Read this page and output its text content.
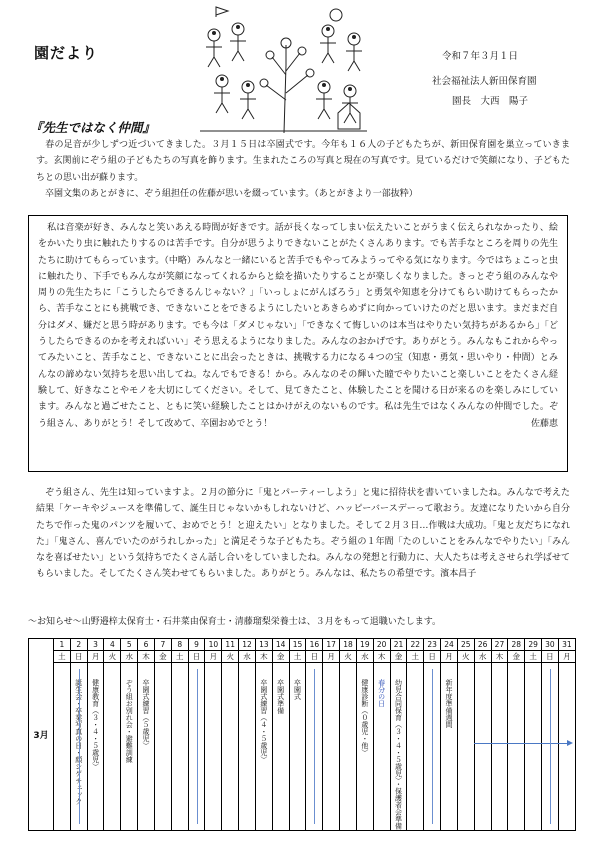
園だより	令和７年３月１日
社会福祉法人新田保育園
園長　大西　陽子
『先生ではなく仲間』
　春の足音が少しずつ近づいてきました。３月１５日は卒園式です。今年も１６人の子どもたちが、新田保育園を巣立っていきます。玄関前にぞう組の子どもたちの写真を飾ります。生まれたころの写真と現在の写真です。見ているだけで笑顔になり、子どもたちとの思い出が蘇ります。
　卒園文集のあとがきに、ぞう組担任の佐藤が思いを綴っています。（あとがきより一部抜粋）
　私は音楽が好き、みんなと笑いあえる時間が好きです。話が長くなってしまい伝えたいことがうまく伝えられなかったり、絵をかいたり虫に触れたりするのは苦手です。自分が思うよりできないことがたくさんあります。でも苦手なところを周りの先生たちに助けてもらっています。（中略）みんなと一緒にいると苦手でもやってみようってやる気になります。今ではちょこっと虫に触れたり、下手でもみんなが笑顔になってくれるからと絵を描いたりすることが楽しくなりました。きっとぞう組のみんなや周りの先生たちに「こうしたらできるんじゃない？」「いっしょにがんばろう」と勇気や知恵を分けてもらい助けてもらったから、苦手なことにも挑戦でき、できないことをできるようにしたいとあきらめずに向かっていけたのだと思います。まだまだ自分はダメ、嫌だと思う時があります。でも今は「ダメじゃない」「できなくて悔しいのは本当はやりたい気持ちがあるから」「どうしたらできるのかを考えればいい」そう思えるようになりました。みんなのおかげです。ありがとう。みんなもこれからやってみたいこと、苦手なこと、できないことに出会ったときは、挑戦する力になる４つの宝（知恵・勇気・思いやり・仲間）とみんなの諦めない気持ちを思い出してね。なんでもできる！から。みんなのその輝いた瞳でやりたいこと楽しいことをたくさん経験して、好きなことやモノを大切にしてください。そして、見てきたこと、体験したことを聞ける日が来るのを楽しみにしています。みんなと過ごせたこと、ともに笑い経験したことはかけがえのないものです。私は先生ではなくみんなの仲間でした。ぞう組さん、ありがとう！そして改めて、卒園おめでとう！	佐藤恵
　ぞう組さん、先生は知っていますよ。２月の節分に「鬼とパーティーしよう」と鬼に招待状を書いていましたね。みんなで考えた結果「ケーキやジュースを準備して、誕生日じゃないかもしれないけど、ハッピーバースデーって歌おう。友達になりたいから自分たちで作った鬼のパンツを履いて、おめでとう！と迎えたい」となりました。そして２月３日…作戦は大成功。「鬼と友だちになれた」「鬼さん、喜んでいたのがうれしかった」と満足そうな子どもたち。ぞう組の１年間「たのしいことをみんなでやりたい」「みんなを喜ばせたい」という気持ちでたくさん話し合いをしていましたね。みんなの発想と行動力に、大人たちは考えさせられ学ばせてもらいました。そしてたくさん笑わせてもらいました。ありがとう。みんなは、私たちの希望です。濱本昌子
～お知らせ～山野邉梓太保育士・石井菜由保育士・清藤瑠梨栄養士は、３月をもって退職いたします。
3月	1	2	3	4	5	6	7	8	9	10	11	12	13	14	15	16	17	18	19	20	21	22	23	24	25	26	27	28	29	30	31
	土	日	月	火	水	木	金	土	日	月	火	水	木	金	土	日	月	火	水	木	金	土	日	月	火	水	木	金	土	日	月

		誕生会・卒業写真の日・顔シゲチェック	健康教育（３・４・５歳児）		ぞう組お別れ会・避難訓練	卒園式練習（５歳児）							卒園式練習（４・５歳児）	卒園式準備	卒園式				健康診断（０歳児・他）	春分の日	幼児合同保育（３・４・５歳児）・保護者会準備			新年度準備週間							
